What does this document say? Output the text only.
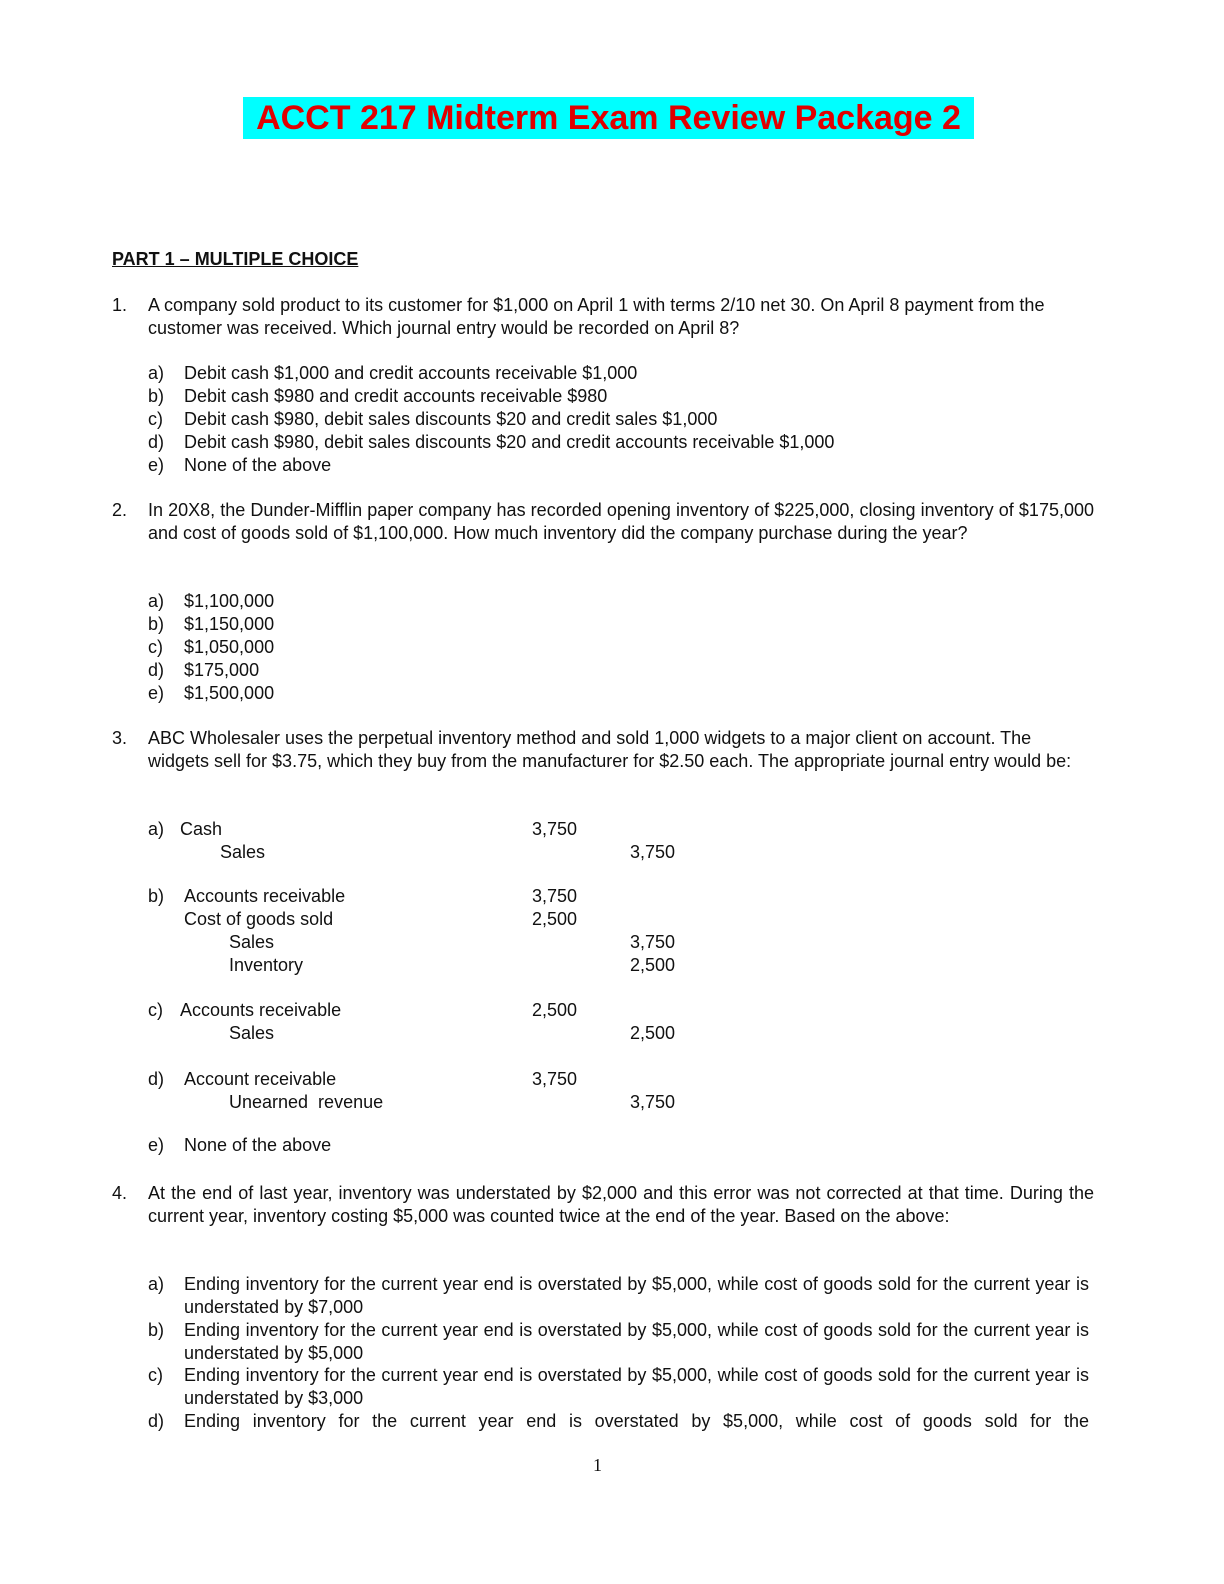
ACCT 217 Midterm Exam Review Package 2
PART 1 – MULTIPLE CHOICE
1. A company sold product to its customer for $1,000 on April 1 with terms 2/10 net 30. On April 8 payment from the customer was received. Which journal entry would be recorded on April 8?
a) Debit cash $1,000 and credit accounts receivable $1,000
b) Debit cash $980 and credit accounts receivable $980
c) Debit cash $980, debit sales discounts $20 and credit sales $1,000
d) Debit cash $980, debit sales discounts $20 and credit accounts receivable $1,000
e) None of the above
2. In 20X8, the Dunder-Mifflin paper company has recorded opening inventory of $225,000, closing inventory of $175,000 and cost of goods sold of $1,100,000. How much inventory did the company purchase during the year?
a) $1,100,000
b) $1,150,000
c) $1,050,000
d) $175,000
e) $1,500,000
3. ABC Wholesaler uses the perpetual inventory method and sold 1,000 widgets to a major client on account. The widgets sell for $3.75, which they buy from the manufacturer for $2.50 each. The appropriate journal entry would be:
a) Cash	3,750
Sales	3,750
b) Accounts receivable	3,750
Cost of goods sold	2,500
Sales	3,750
Inventory	2,500
c) Accounts receivable	2,500
Sales	2,500
d) Account receivable	3,750
Unearned  revenue	3,750
e) None of the above
4. At the end of last year, inventory was understated by $2,000 and this error was not corrected at that time. During the current year, inventory costing $5,000 was counted twice at the end of the year. Based on the above:
a) Ending inventory for the current year end is overstated by $5,000, while cost of goods sold for the current year is understated by $7,000
b) Ending inventory for the current year end is overstated by $5,000, while cost of goods sold for the current year is understated by $5,000
c) Ending inventory for the current year end is overstated by $5,000, while cost of goods sold for the current year is understated by $3,000
d) Ending inventory for the current year end is overstated by $5,000, while cost of goods sold for the
1
